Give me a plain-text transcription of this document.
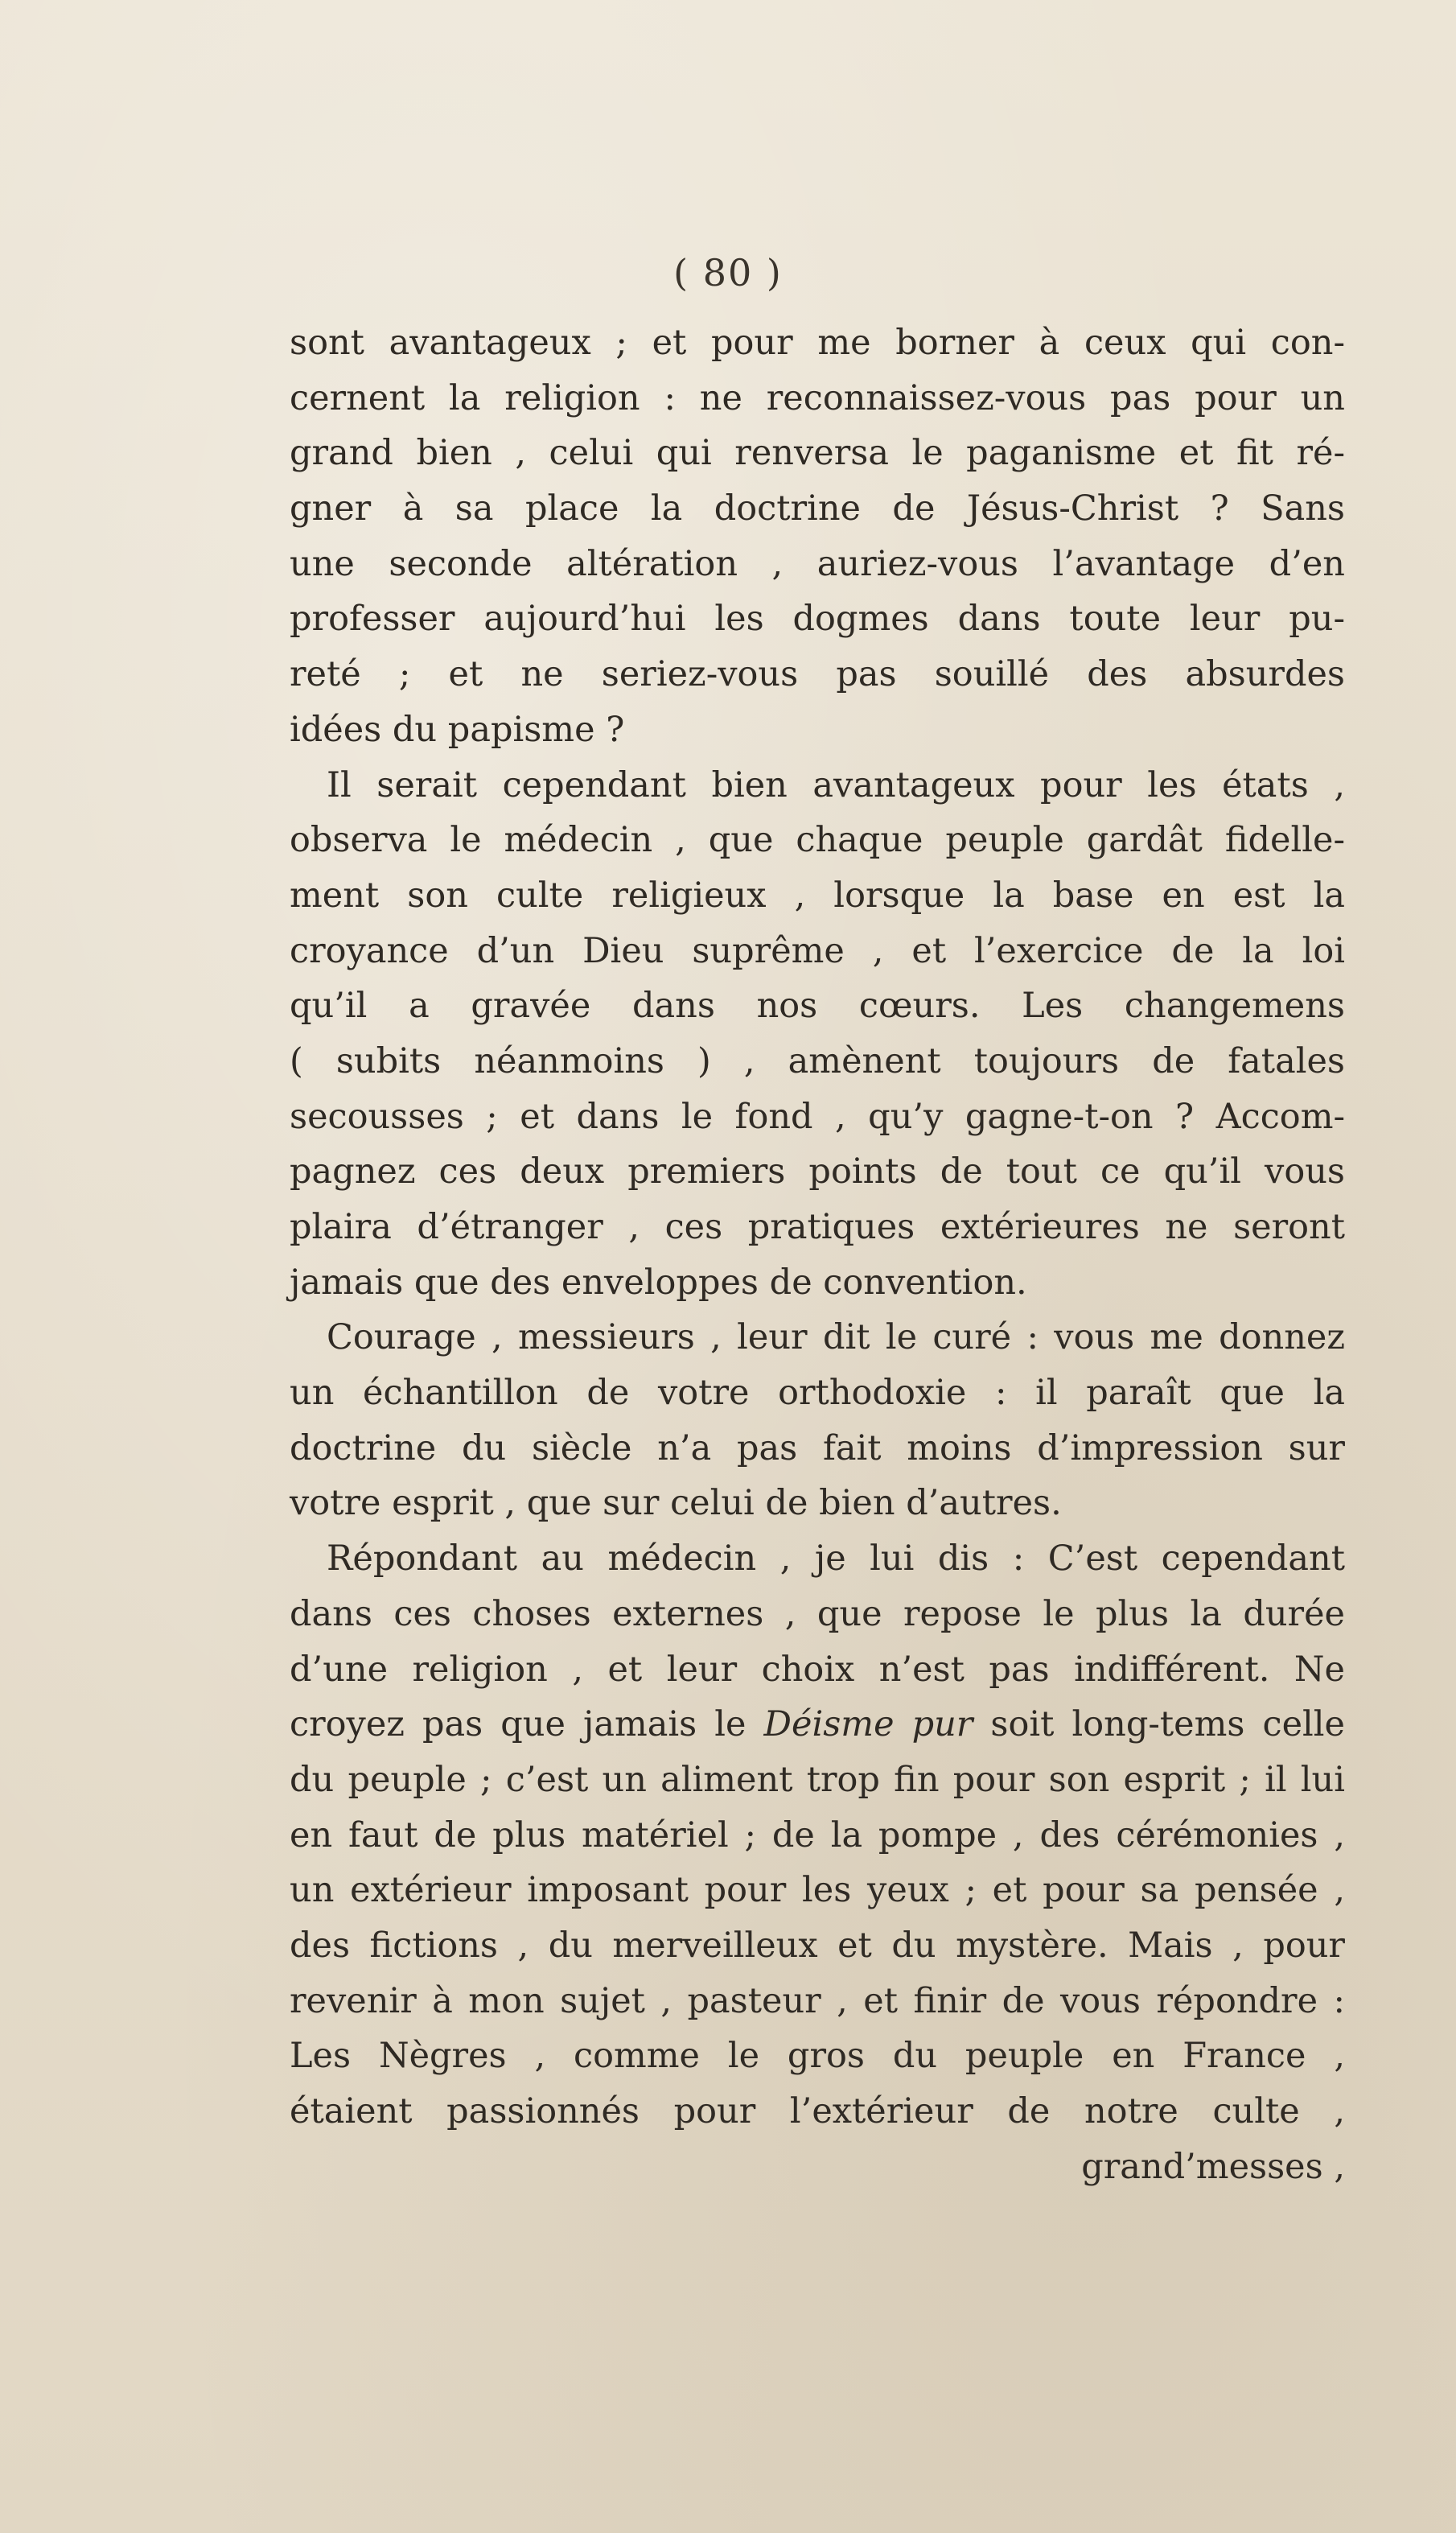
( 80 )
sont avantageux ; et pour me borner à ceux qui con-
cernent la religion : ne reconnaissez-vous pas pour un
grand bien , celui qui renversa le paganisme et fit ré-
gner à sa place la doctrine de Jésus-Christ ? Sans
une seconde altération , auriez-vous l’avantage d’en
professer aujourd’hui les dogmes dans toute leur pu-
reté ; et ne seriez-vous pas souillé des absurdes
idées du papisme ?
Il serait cependant bien avantageux pour les états ,
observa le médecin , que chaque peuple gardât fidelle-
ment son culte religieux , lorsque la base en est la
croyance d’un Dieu suprême , et l’exercice de la loi
qu’il a gravée dans nos cœurs. Les changemens
( subits néanmoins ) , amènent toujours de fatales
secousses ; et dans le fond , qu’y gagne-t-on ? Accom-
pagnez ces deux premiers points de tout ce qu’il vous
plaira d’étranger , ces pratiques extérieures ne seront
jamais que des enveloppes de convention.
Courage , messieurs , leur dit le curé : vous me donnez
un échantillon de votre orthodoxie : il paraît que la
doctrine du siècle n’a pas fait moins d’impression sur
votre esprit , que sur celui de bien d’autres.
Répondant au médecin , je lui dis : C’est cependant
dans ces choses externes , que repose le plus la durée
d’une religion , et leur choix n’est pas indifférent. Ne
croyez pas que jamais le Déisme pur soit long-tems celle
du peuple ; c’est un aliment trop fin pour son esprit ; il lui
en faut de plus matériel ; de la pompe , des cérémonies ,
un extérieur imposant pour les yeux ; et pour sa pensée ,
des fictions , du merveilleux et du mystère. Mais , pour
revenir à mon sujet , pasteur , et finir de vous répondre :
Les Nègres , comme le gros du peuple en France ,
étaient passionnés pour l’extérieur de notre culte ,
grand’messes ,
